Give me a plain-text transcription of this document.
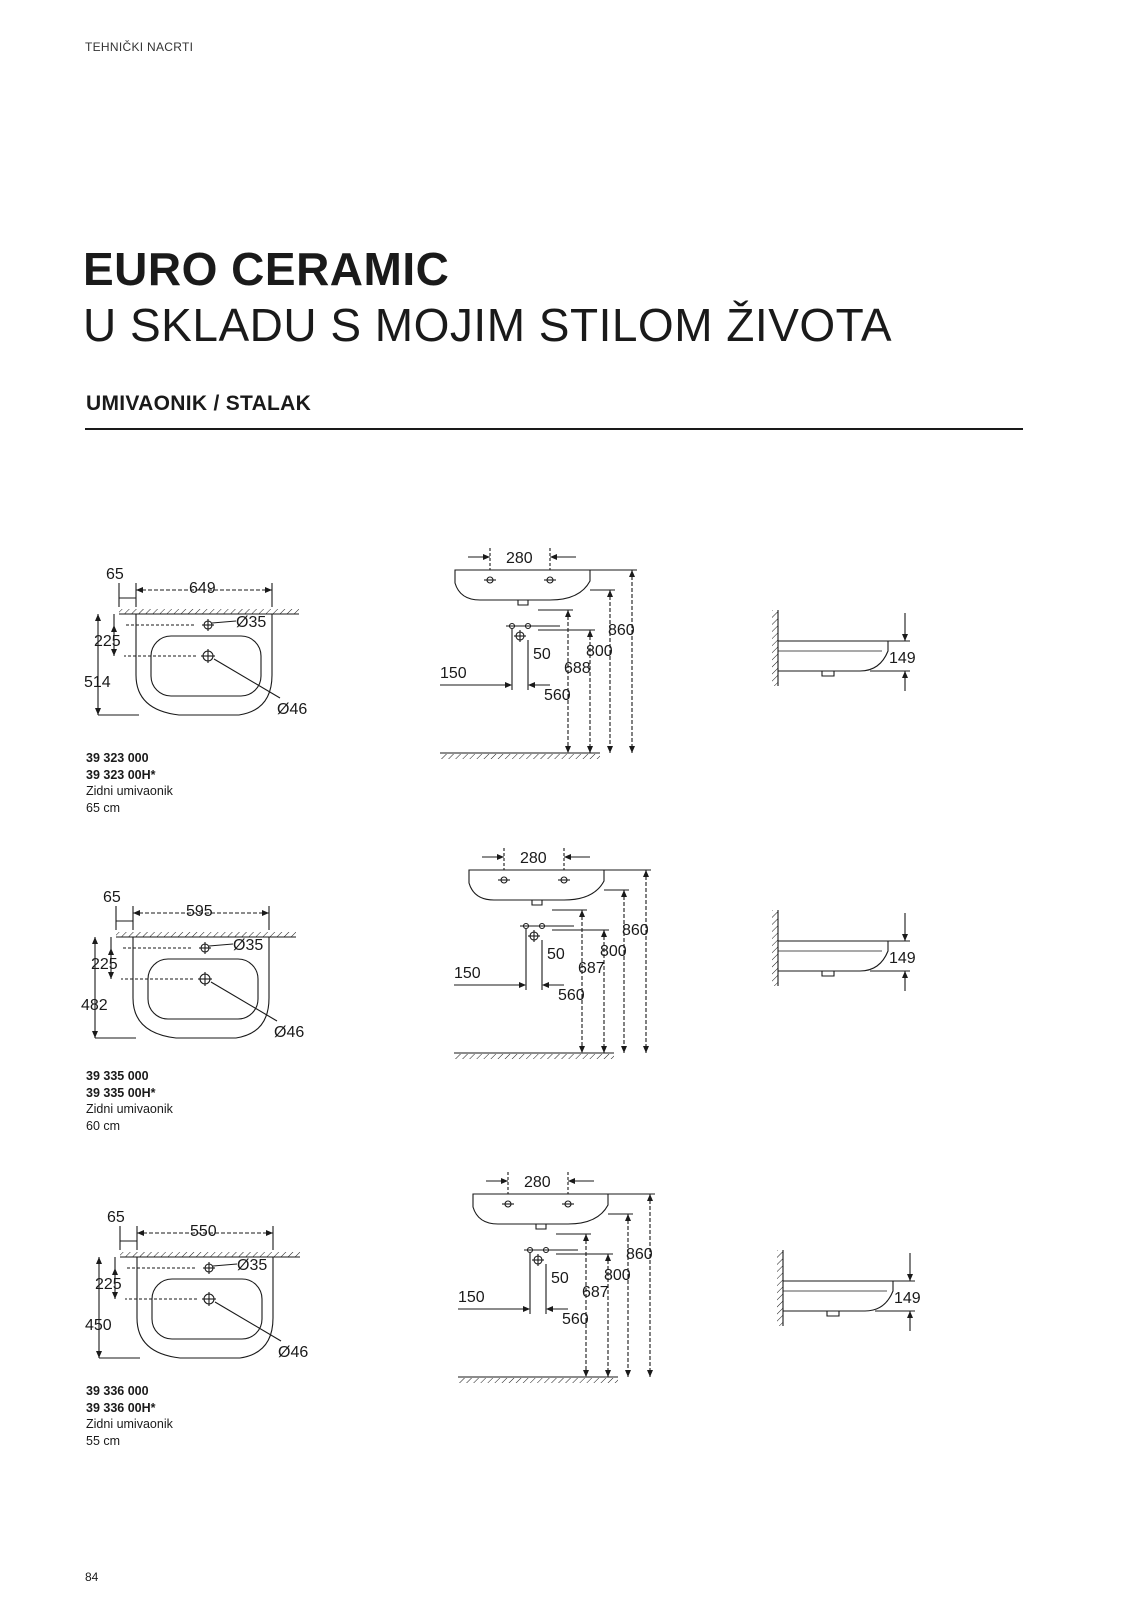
TEHNIČKI NACRTI
EURO CERAMIC
U SKLADU S MOJIM STILOM ŽIVOTA
UMIVAONIK / STALAK
65
649
Ø35
225
514
Ø46
280
150
50
560
688
800
860
149
39 323 000
39 323 00H*
Zidni umivaonik
65 cm
65
595
Ø35
225
482
Ø46
280
150
50
560
687
800
860
149
39 335 000
39 335 00H*
Zidni umivaonik
60 cm
65
550
Ø35
225
450
Ø46
280
150
50
560
687
800
860
149
39 336 000
39 336 00H*
Zidni umivaonik
55 cm
84
